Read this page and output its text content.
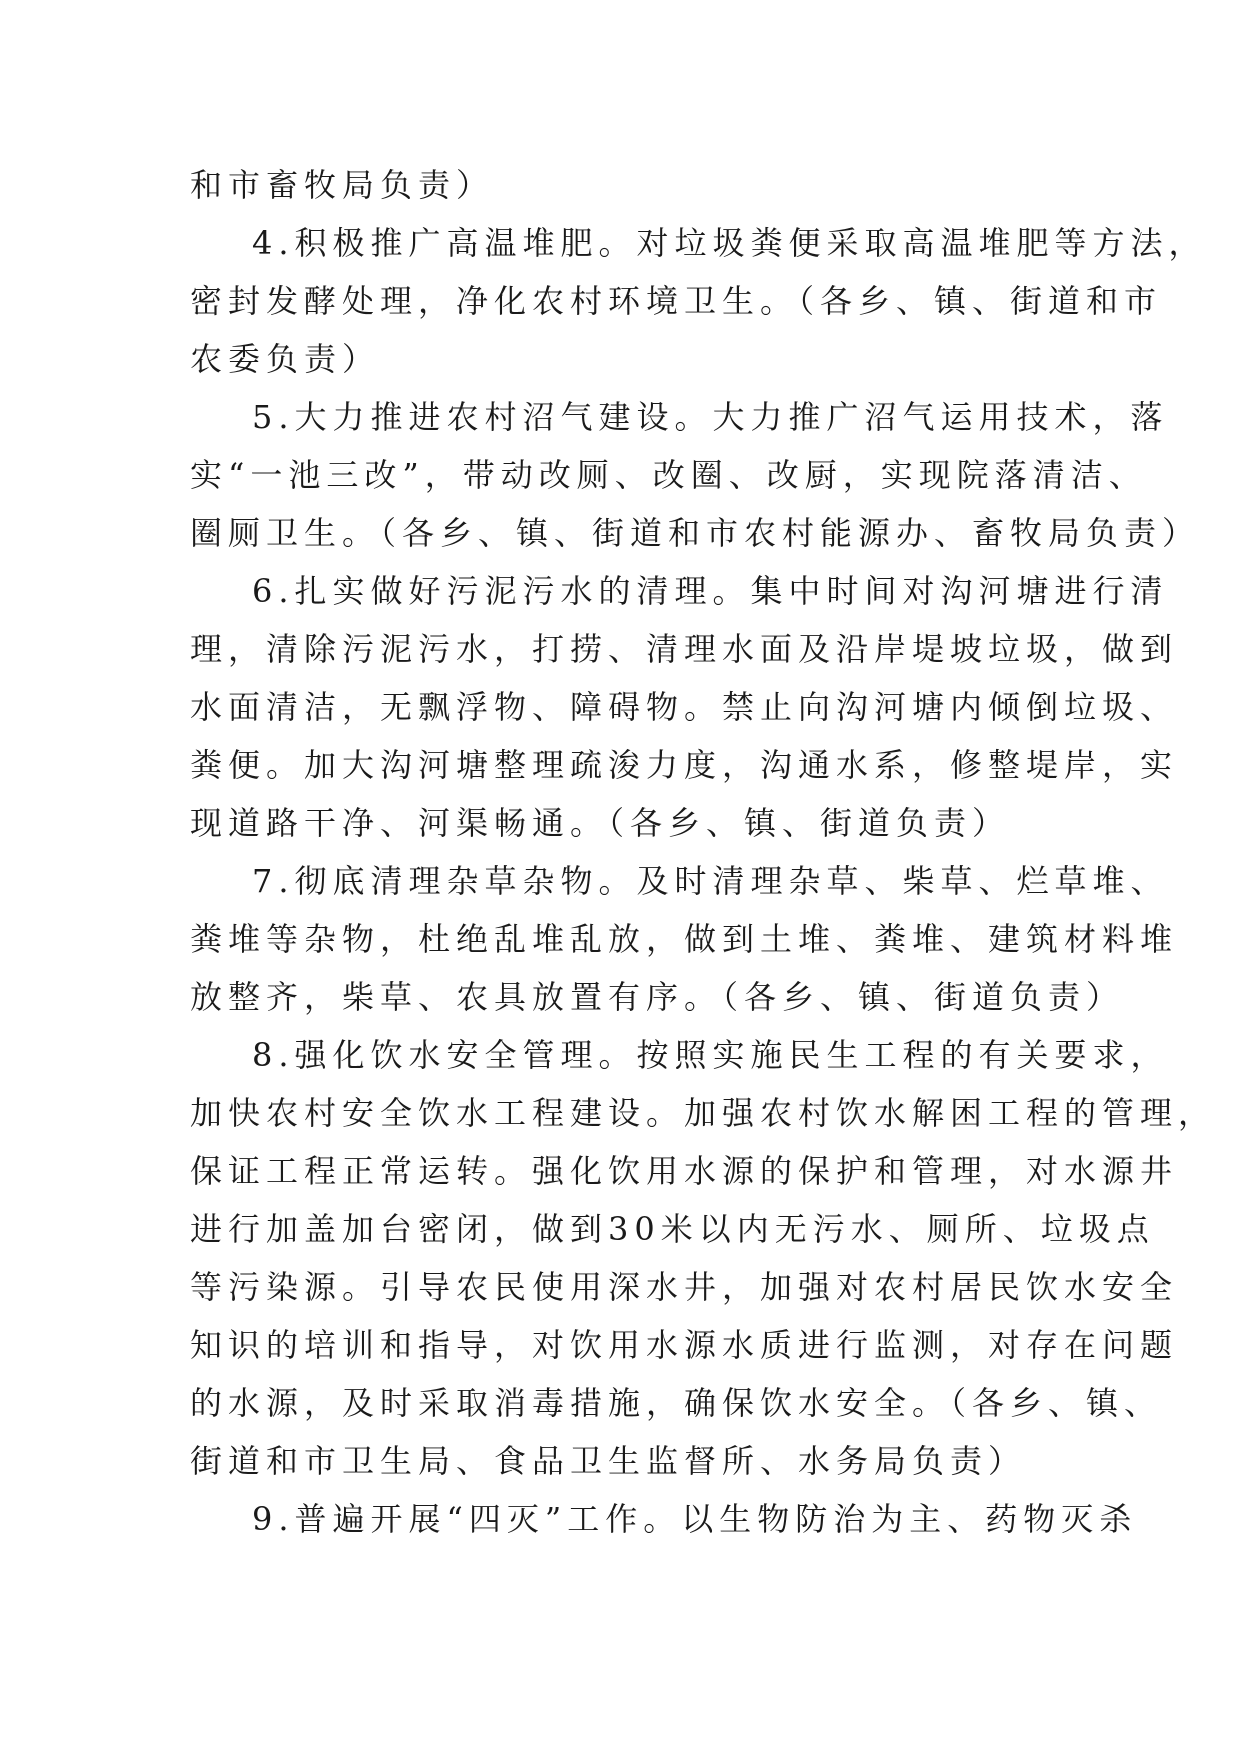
和市畜牧局负责）
4.积极推广高温堆肥。对垃圾粪便采取高温堆肥等方法，
密封发酵处理，净化农村环境卫生。（各乡、镇、街道和市
农委负责）
5.大力推进农村沼气建设。大力推广沼气运用技术，落
实“一池三改”，带动改厕、改圈、改厨，实现院落清洁、
圈厕卫生。（各乡、镇、街道和市农村能源办、畜牧局负责）
6.扎实做好污泥污水的清理。集中时间对沟河塘进行清
理，清除污泥污水，打捞、清理水面及沿岸堤坡垃圾，做到
水面清洁，无飘浮物、障碍物。禁止向沟河塘内倾倒垃圾、
粪便。加大沟河塘整理疏浚力度，沟通水系，修整堤岸，实
现道路干净、河渠畅通。（各乡、镇、街道负责）
7.彻底清理杂草杂物。及时清理杂草、柴草、烂草堆、
粪堆等杂物，杜绝乱堆乱放，做到土堆、粪堆、建筑材料堆
放整齐，柴草、农具放置有序。（各乡、镇、街道负责）
8.强化饮水安全管理。按照实施民生工程的有关要求，
加快农村安全饮水工程建设。加强农村饮水解困工程的管理，
保证工程正常运转。强化饮用水源的保护和管理，对水源井
进行加盖加台密闭，做到30米以内无污水、厕所、垃圾点
等污染源。引导农民使用深水井，加强对农村居民饮水安全
知识的培训和指导，对饮用水源水质进行监测，对存在问题
的水源，及时采取消毒措施，确保饮水安全。（各乡、镇、
街道和市卫生局、食品卫生监督所、水务局负责）
9.普遍开展“四灭”工作。以生物防治为主、药物灭杀
